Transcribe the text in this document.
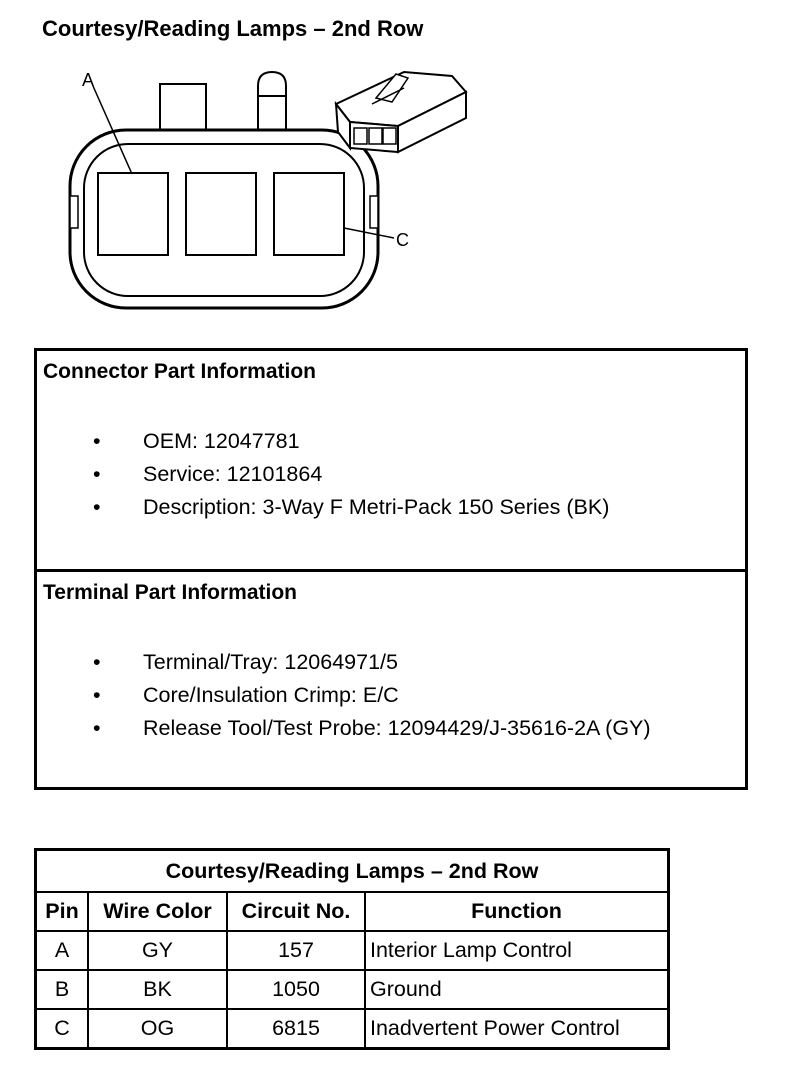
Courtesy/Reading Lamps – 2nd Row
A
C
Connector Part Information
• OEM: 12047781
• Service: 12101864
• Description: 3-Way F Metri-Pack 150 Series (BK)
Terminal Part Information
• Terminal/Tray: 12064971/5
• Core/Insulation Crimp: E/C
• Release Tool/Test Probe: 12094429/J-35616-2A (GY)
Courtesy/Reading Lamps – 2nd Row			
Pin	Wire Color	Circuit No.	Function
A	GY	157	Interior Lamp Control
B	BK	1050	Ground
C	OG	6815	Inadvertent Power Control
